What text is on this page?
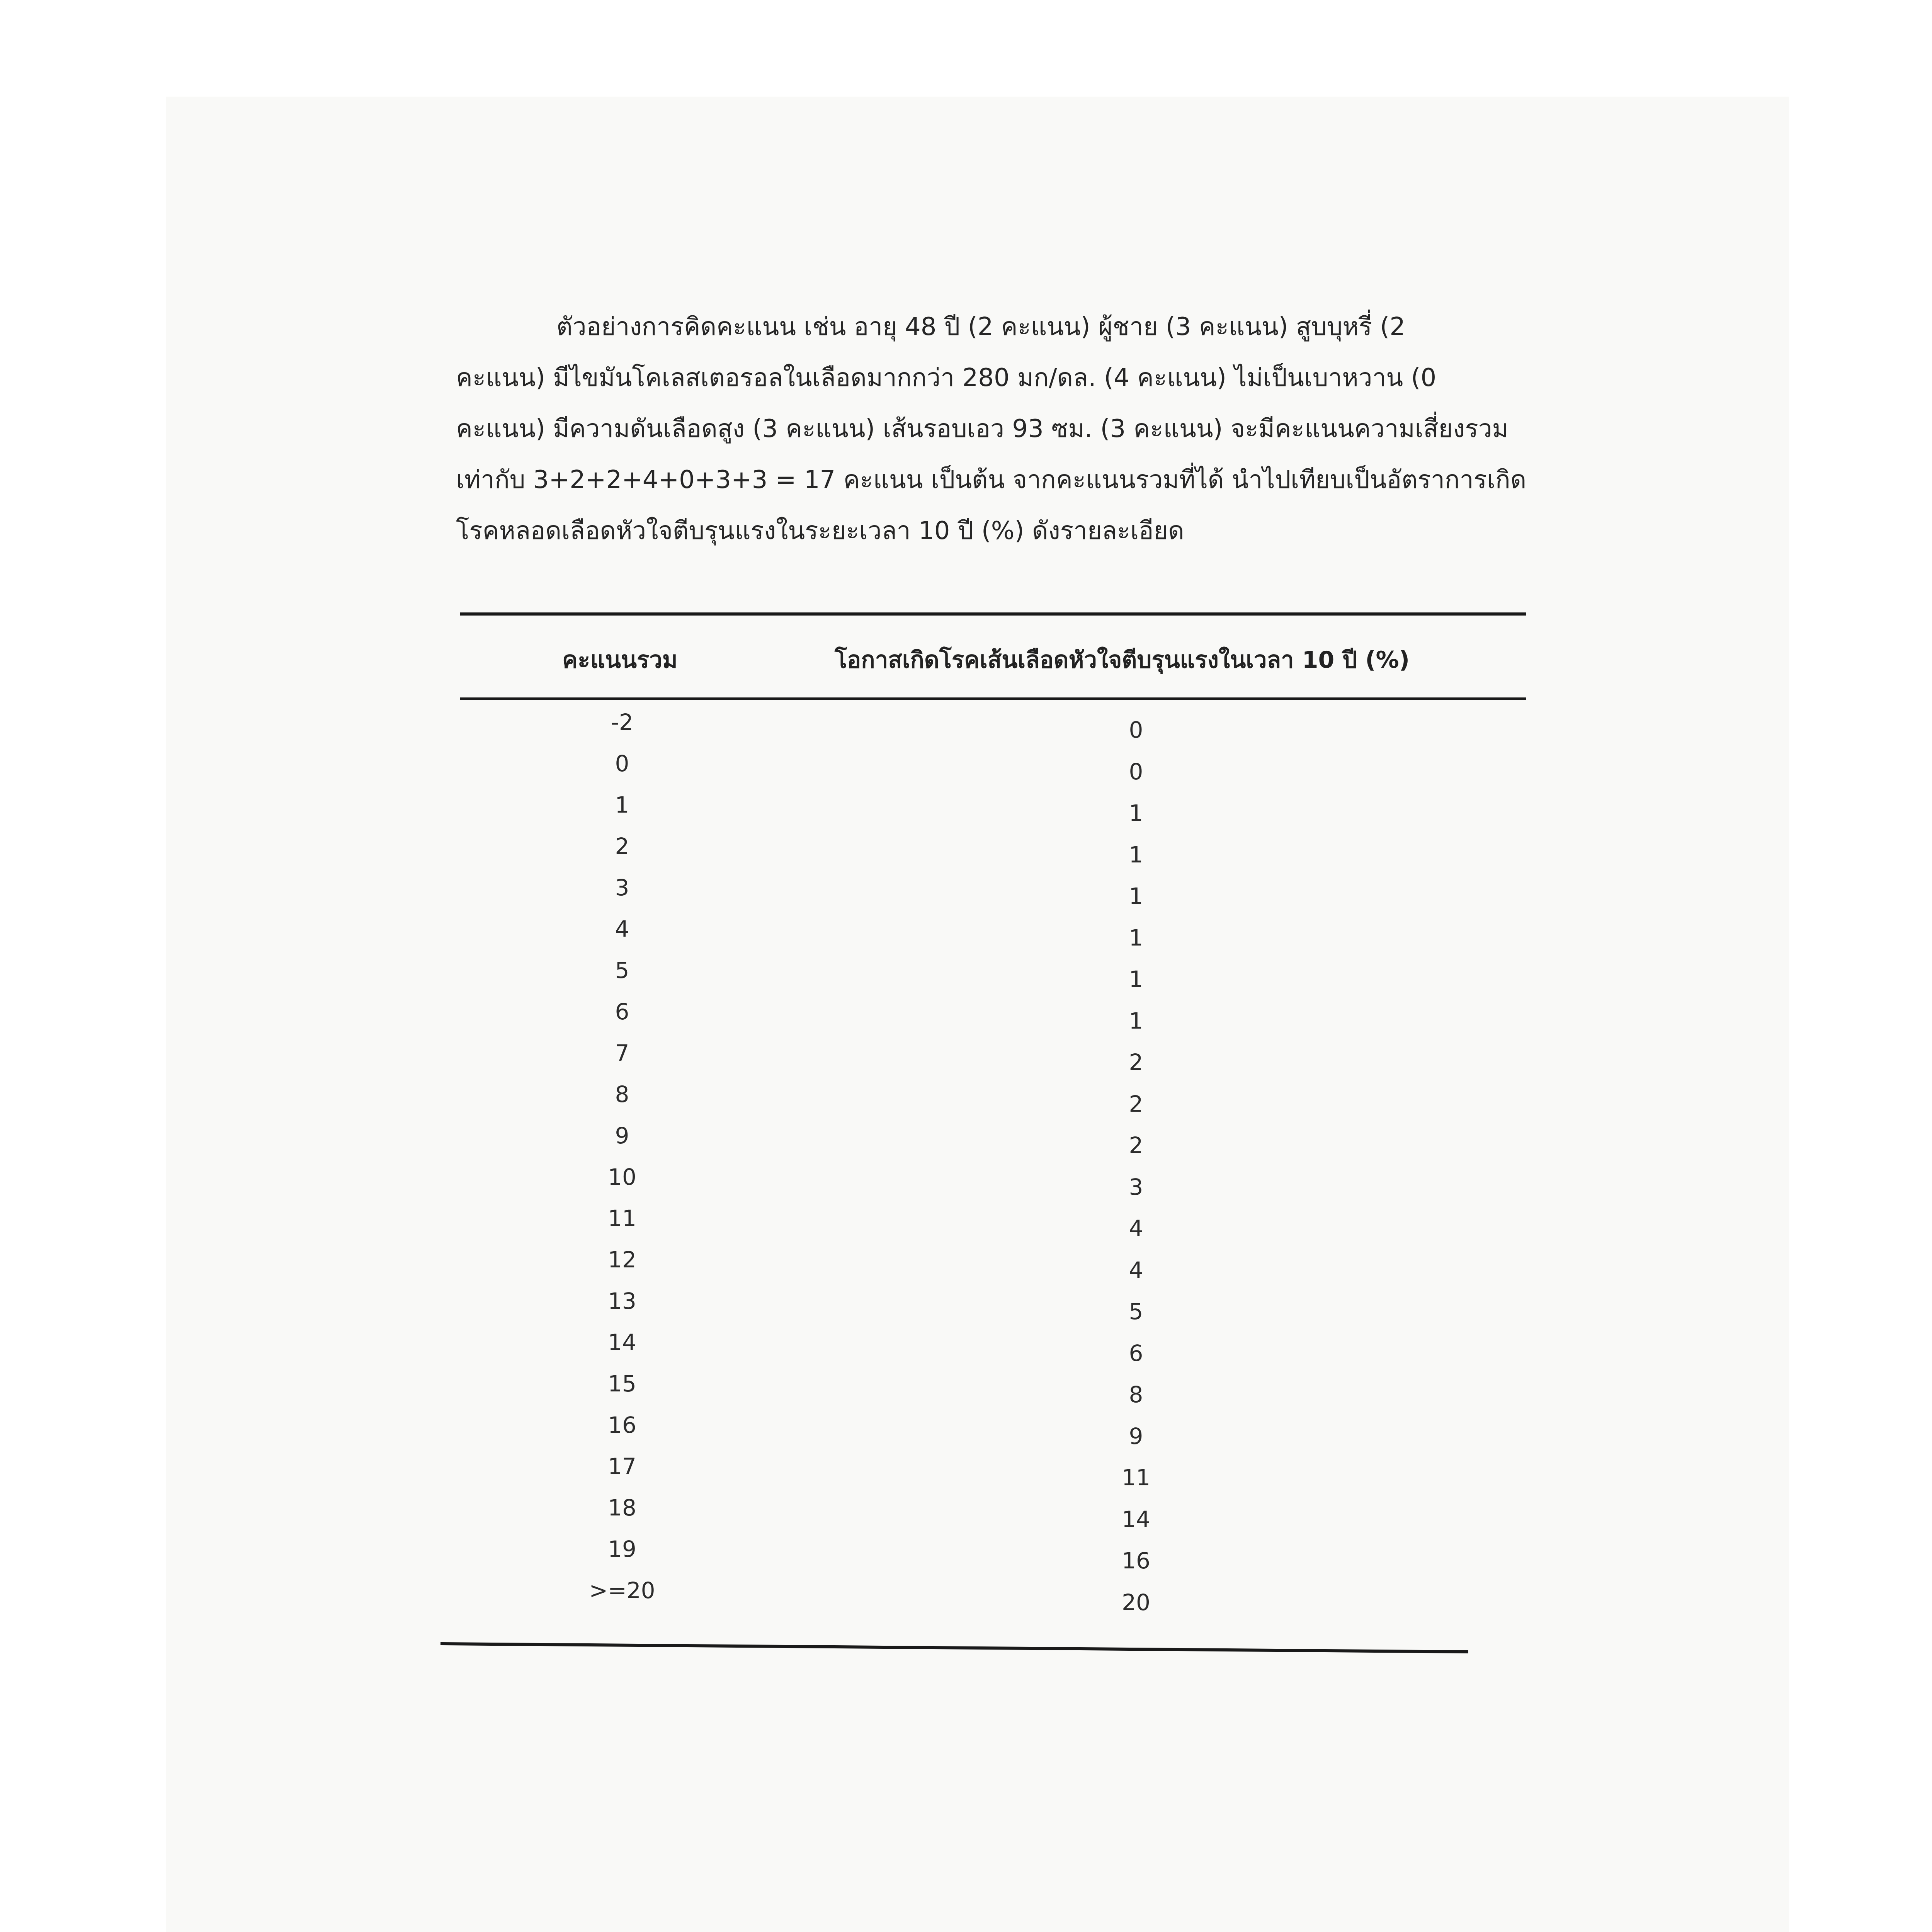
ตัวอย่างการคิดคะแนน เช่น อายุ 48 ปี (2 คะแนน) ผู้ชาย (3 คะแนน) สูบบุหรี่ (2
คะแนน) มีไขมันโคเลสเตอรอลในเลือดมากกว่า 280 มก/ดล. (4 คะแนน) ไม่เป็นเบาหวาน (0
คะแนน) มีความดันเลือดสูง (3 คะแนน) เส้นรอบเอว 93 ซม. (3 คะแนน) จะมีคะแนนความเสี่ยงรวม
เท่ากับ 3+2+2+4+0+3+3 = 17 คะแนน เป็นต้น จากคะแนนรวมที่ได้ นำไปเทียบเป็นอัตราการเกิด
โรคหลอดเลือดหัวใจตีบรุนแรงในระยะเวลา 10 ปี (%) ดังรายละเอียด

คะแนนรวม	โอกาสเกิดโรคเส้นเลือดหัวใจตีบรุนแรงในเวลา 10 ปี (%)
-2
0
1
2
3
4
5
6
7
8
9
10
11
12
13
14
15
16
17
18
19
>=20
0
0
1
1
1
1
1
1
2
2
2
3
4
4
5
6
8
9
11
14
16
20
